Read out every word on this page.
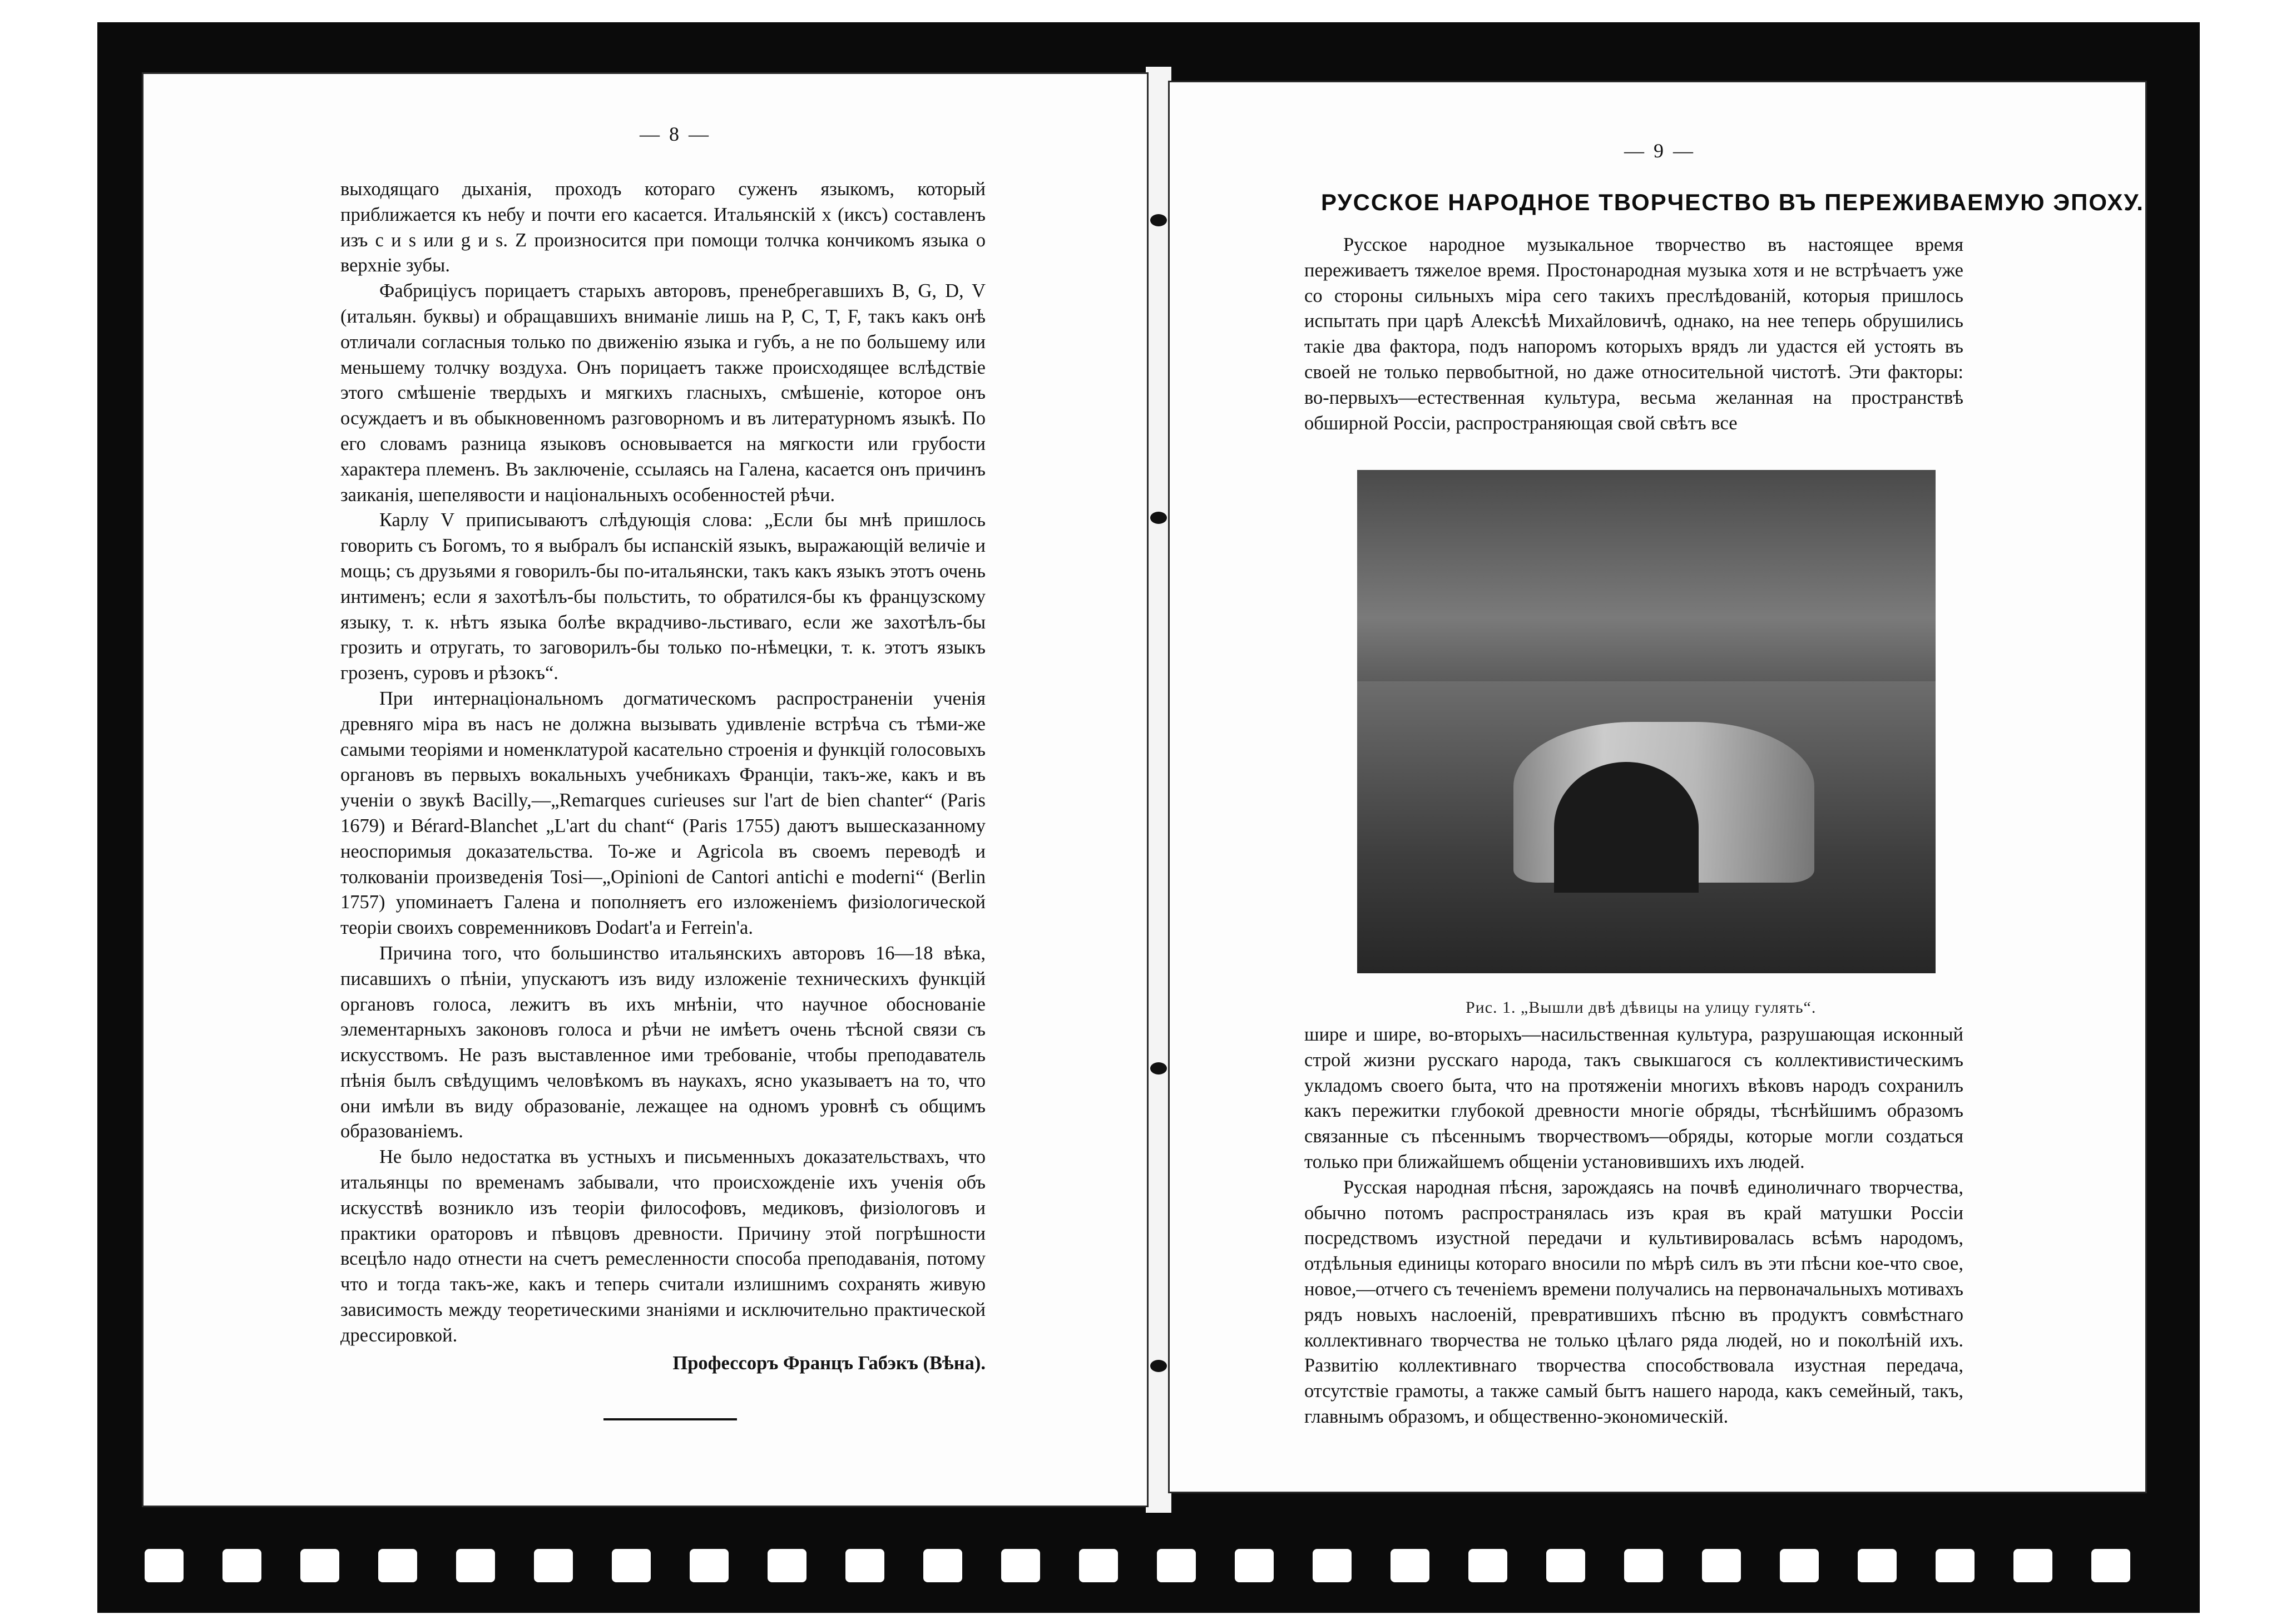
— 8 —

выходящаго дыханія, проходъ котораго суженъ языкомъ, который приближается къ небу и почти его касается. Итальянскій x (иксъ) составленъ изъ c и s или g и s. Z произносится при помощи толчка кончикомъ языка о верхніе зубы.

Фабриціусъ порицаетъ старыхъ авторовъ, пренебрегавшихъ B, G, D, V (итальян. буквы) и обращавшихъ вниманіе лишь на P, C, T, F, такъ какъ онѣ отличали согласныя только по движенію языка и губъ, а не по большему или меньшему толчку воздуха. Онъ порицаетъ также происходящее вслѣдствіе этого смѣшеніе твердыхъ и мягкихъ гласныхъ, смѣшеніе, которое онъ осуждаетъ и въ обыкновенномъ разговорномъ и въ литературномъ языкѣ. По его словамъ разница языковъ основывается на мягкости или грубости характера племенъ. Въ заключеніе, ссылаясь на Галена, касается онъ причинъ заиканія, шепелявости и національныхъ особенностей рѣчи.

Карлу V приписываютъ слѣдующія слова: „Если бы мнѣ пришлось говорить съ Богомъ, то я выбралъ бы испанскій языкъ, выражающій величіе и мощь; съ друзьями я говорилъ-бы по-итальянски, такъ какъ языкъ этотъ очень интименъ; если я захотѣлъ-бы польстить, то обратился-бы къ французскому языку, т. к. нѣтъ языка болѣе вкрадчиво-льстиваго, если же захотѣлъ-бы грозить и отругать, то заговорилъ-бы только по-нѣмецки, т. к. этотъ языкъ грозенъ, суровъ и рѣзокъ“.

При интернаціональномъ догматическомъ распространеніи ученія древняго міра въ насъ не должна вызывать удивленіе встрѣча съ тѣми-же самыми теоріями и номенклатурой касательно строенія и функцій голосовыхъ органовъ въ первыхъ вокальныхъ учебникахъ Франціи, такъ-же, какъ и въ ученіи о звукѣ Bacilly,—„Remarques curieuses sur l'art de bien chanter“ (Paris 1679) и Bérard-Blanchet „L'art du chant“ (Paris 1755) даютъ вышесказанному неоспоримыя доказательства. То-же и Agricola въ своемъ переводѣ и толкованіи произведенія Tosi—„Opinioni de Cantori antichi e moderni“ (Berlin 1757) упоминаетъ Галена и пополняетъ его изложеніемъ физіологической теоріи своихъ современниковъ Dodart'а и Ferrein'а.

Причина того, что большинство итальянскихъ авторовъ 16—18 вѣка, писавшихъ о пѣніи, упускаютъ изъ виду изложеніе техническихъ функцій органовъ голоса, лежитъ въ ихъ мнѣніи, что научное обоснованіе элементарныхъ законовъ голоса и рѣчи не имѣетъ очень тѣсной связи съ искусствомъ. Не разъ выставленное ими требованіе, чтобы преподаватель пѣнія былъ свѣдущимъ человѣкомъ въ наукахъ, ясно указываетъ на то, что они имѣли въ виду образованіе, лежащее на одномъ уровнѣ съ общимъ образованіемъ.

Не было недостатка въ устныхъ и письменныхъ доказательствахъ, что итальянцы по временамъ забывали, что происхожденіе ихъ ученія объ искусствѣ возникло изъ теоріи философовъ, медиковъ, физіологовъ и практики ораторовъ и пѣвцовъ древности. Причину этой погрѣшности всецѣло надо отнести на счетъ ремесленности способа преподаванія, потому что и тогда такъ-же, какъ и теперь считали излишнимъ сохранять живую зависимость между теоретическими знаніями и исключительно практической дрессировкой.

Профессоръ Францъ Габэкъ (Вѣна).
— 9 —
РУССКОЕ НАРОДНОЕ ТВОРЧЕСТВО ВЪ ПЕРЕЖИВАЕМУЮ ЭПОХУ.

Русское народное музыкальное творчество въ настоящее время переживаетъ тяжелое время. Простонародная музыка хотя и не встрѣчаетъ уже со стороны сильныхъ міра сего такихъ преслѣдованій, которыя пришлось испытать при царѣ Алексѣѣ Михайловичѣ, однако, на нее теперь обрушились такіе два фактора, подъ напоромъ которыхъ врядъ ли удастся ей устоять въ своей не только первобытной, но даже относительной чистотѣ. Эти факторы: во-первыхъ—естественная культура, весьма желанная на пространствѣ обширной Россіи, распространяющая свой свѣтъ все

Рис. 1. „Вышли двѣ дѣвицы на улицу гулять“.

шире и шире, во-вторыхъ—насильственная культура, разрушающая исконный строй жизни русскаго народа, такъ свыкшагося съ коллективистическимъ укладомъ своего быта, что на протяженіи многихъ вѣковъ народъ сохранилъ какъ пережитки глубокой древности многіе обряды, тѣснѣйшимъ образомъ связанные съ пѣсеннымъ творчествомъ—обряды, которые могли создаться только при ближайшемъ общеніи установившихъ ихъ людей.

Русская народная пѣсня, зарождаясь на почвѣ единоличнаго творчества, обычно потомъ распространялась изъ края въ край матушки Россіи посредствомъ изустной передачи и культивировалась всѣмъ народомъ, отдѣльныя единицы котораго вносили по мѣрѣ силъ въ эти пѣсни кое-что свое, новое,—отчего съ теченіемъ времени получались на первоначальныхъ мотивахъ рядъ новыхъ наслоеній, превратившихъ пѣсню въ продуктъ совмѣстнаго коллективнаго творчества не только цѣлаго ряда людей, но и поколѣній ихъ. Развитію коллективнаго творчества способствовала изустная передача, отсутствіе грамоты, а также самый бытъ нашего народа, какъ семейный, такъ, главнымъ образомъ, и общественно-экономическій.
